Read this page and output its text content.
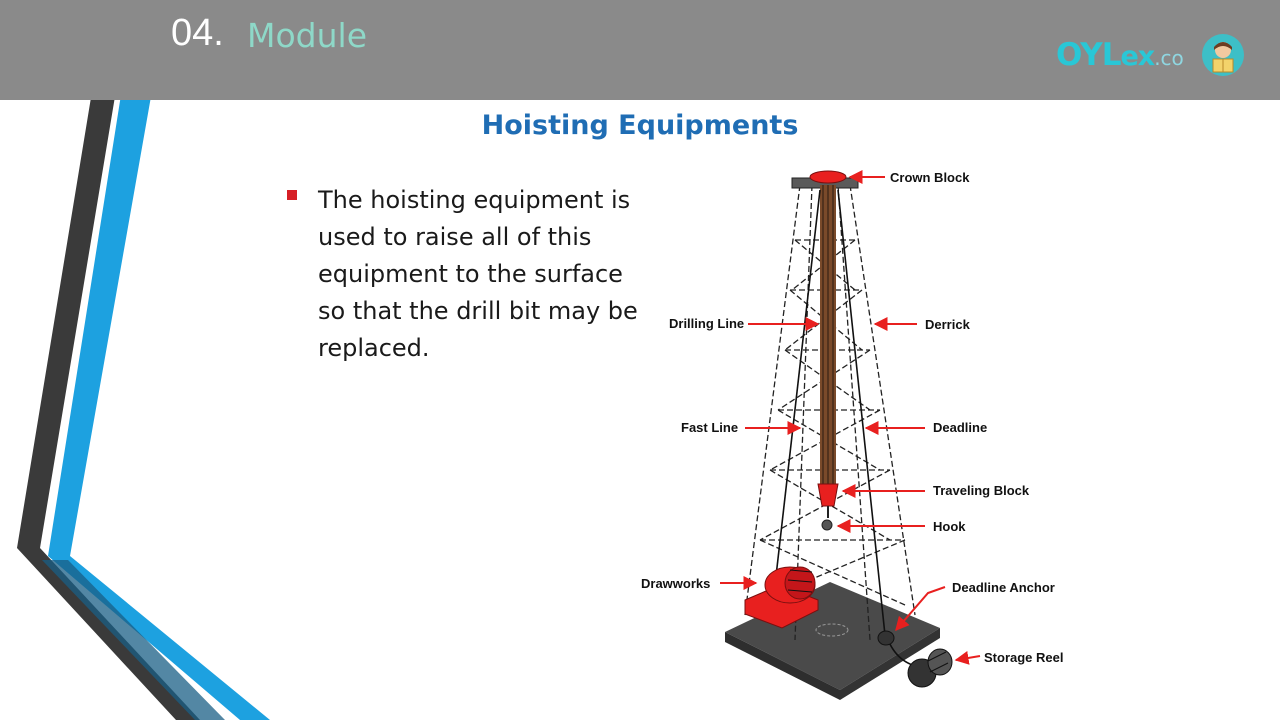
04. Module	OYLex.co
Hoisting Equipments
The hoisting equipment is used to raise all of this equipment to the surface so that the drill bit may be replaced.
Crown Block
Drilling Line	Derrick
Fast Line	Deadline
Traveling Block
Hook
Drawworks	Deadline Anchor
Storage Reel
